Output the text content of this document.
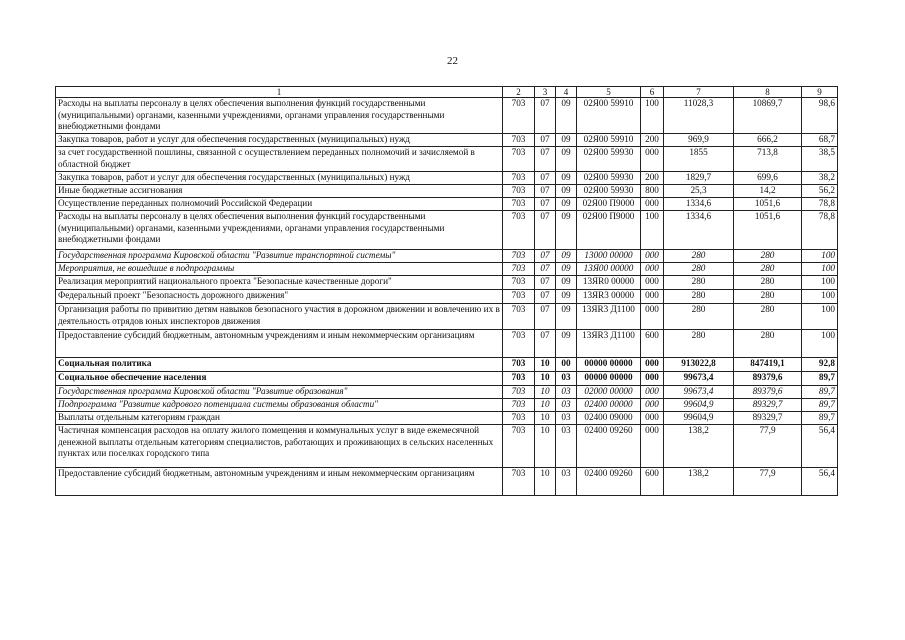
22
1	2	3	4	5	6	7	8	9
Расходы на выплаты персоналу в целях обеспечения выполнения функций государственными (муниципальными) органами, казенными учреждениями, органами управления государственными внебюджетными фондами	703	07	09	02Я00 59910	100	11028,3	10869,7	98,6
Закупка товаров, работ и услуг для обеспечения государственных (муниципальных) нужд	703	07	09	02Я00 59910	200	969,9	666,2	68,7
за счет государственной пошлины, связанной с осуществлением переданных полномочий и зачисляемой в областной бюджет	703	07	09	02Я00 59930	000	1855	713,8	38,5
Закупка товаров, работ и услуг для обеспечения государственных (муниципальных) нужд	703	07	09	02Я00 59930	200	1829,7	699,6	38,2
Иные бюджетные ассигнования	703	07	09	02Я00 59930	800	25,3	14,2	56,2
Осуществление переданных полномочий Российской Федерации	703	07	09	02Я00 П9000	000	1334,6	1051,6	78,8
Расходы на выплаты персоналу в целях обеспечения выполнения функций государственными (муниципальными) органами, казенными учреждениями, органами управления государственными внебюджетными фондами	703	07	09	02Я00 П9000	100	1334,6	1051,6	78,8
Государственная программа Кировской области "Развитие транспортной системы"	703	07	09	13000 00000	000	280	280	100
Мероприятия, не вошедшие в подпрограммы	703	07	09	13Я00 00000	000	280	280	100
Реализация мероприятий национального проекта "Безопасные качественные дороги"	703	07	09	13ЯR0 00000	000	280	280	100
Федеральный проект "Безопасность дорожного движения"	703	07	09	13ЯR3 00000	000	280	280	100
Организация работы по привитию детям навыков безопасного участия в дорожном движении и вовлечению их в деятельность отрядов юных инспекторов движения	703	07	09	13ЯR3 Д1100	000	280	280	100
Предоставление субсидий бюджетным, автономным учреждениям и иным некоммерческим организациям	703	07	09	13ЯR3 Д1100	600	280	280	100
Социальная политика	703	10	00	00000 00000	000	913022,8	847419,1	92,8
Социальное обеспечение населения	703	10	03	00000 00000	000	99673,4	89379,6	89,7
Государственная программа Кировской области "Развитие образования"	703	10	03	02000 00000	000	99673,4	89379,6	89,7
Подпрограмма "Развитие кадрового потенциала системы образования области"	703	10	03	02400 00000	000	99604,9	89329,7	89,7
Выплаты отдельным категориям граждан	703	10	03	02400 09000	000	99604,9	89329,7	89,7
Частичная компенсация расходов на оплату жилого помещения и коммунальных услуг в виде ежемесячной денежной выплаты отдельным категориям специалистов, работающих и проживающих в сельских населенных пунктах или поселках городского типа	703	10	03	02400 09260	000	138,2	77,9	56,4
Предоставление субсидий бюджетным, автономным учреждениям и иным некоммерческим организациям	703	10	03	02400 09260	600	138,2	77,9	56,4
